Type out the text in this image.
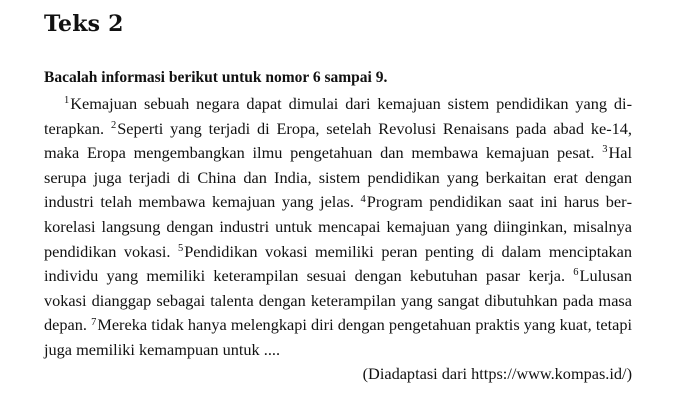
Teks 2

Bacalah informasi berikut untuk nomor 6 sampai 9.

$^1$Kemajuan sebuah negara dapat dimulai dari kemajuan sistem pendidikan yang diterapkan. $^2$Seperti yang terjadi di Eropa, setelah Revolusi Renaisans pada abad ke-14, maka Eropa mengembangkan ilmu pengetahuan dan membawa kemajuan pesat. $^3$Hal serupa juga terjadi di China dan India, sistem pendidikan yang berkaitan erat dengan industri telah membawa kemajuan yang jelas. $^4$Program pendidikan saat ini harus berkorelasi langsung dengan industri untuk mencapai kemajuan yang diinginkan, misalnya pendidikan vokasi. $^5$Pendidikan vokasi memiliki peran penting di dalam menciptakan individu yang memiliki keterampilan sesuai dengan kebutuhan pasar kerja. $^6$Lulusan vokasi dianggap sebagai talenta dengan keterampilan yang sangat dibutuhkan pada masa depan. $^7$Mereka tidak hanya melengkapi diri dengan pengetahuan praktis yang kuat, tetapi juga memiliki kemampuan untuk ....

(Diadaptasi dari https://www.kompas.id/)
